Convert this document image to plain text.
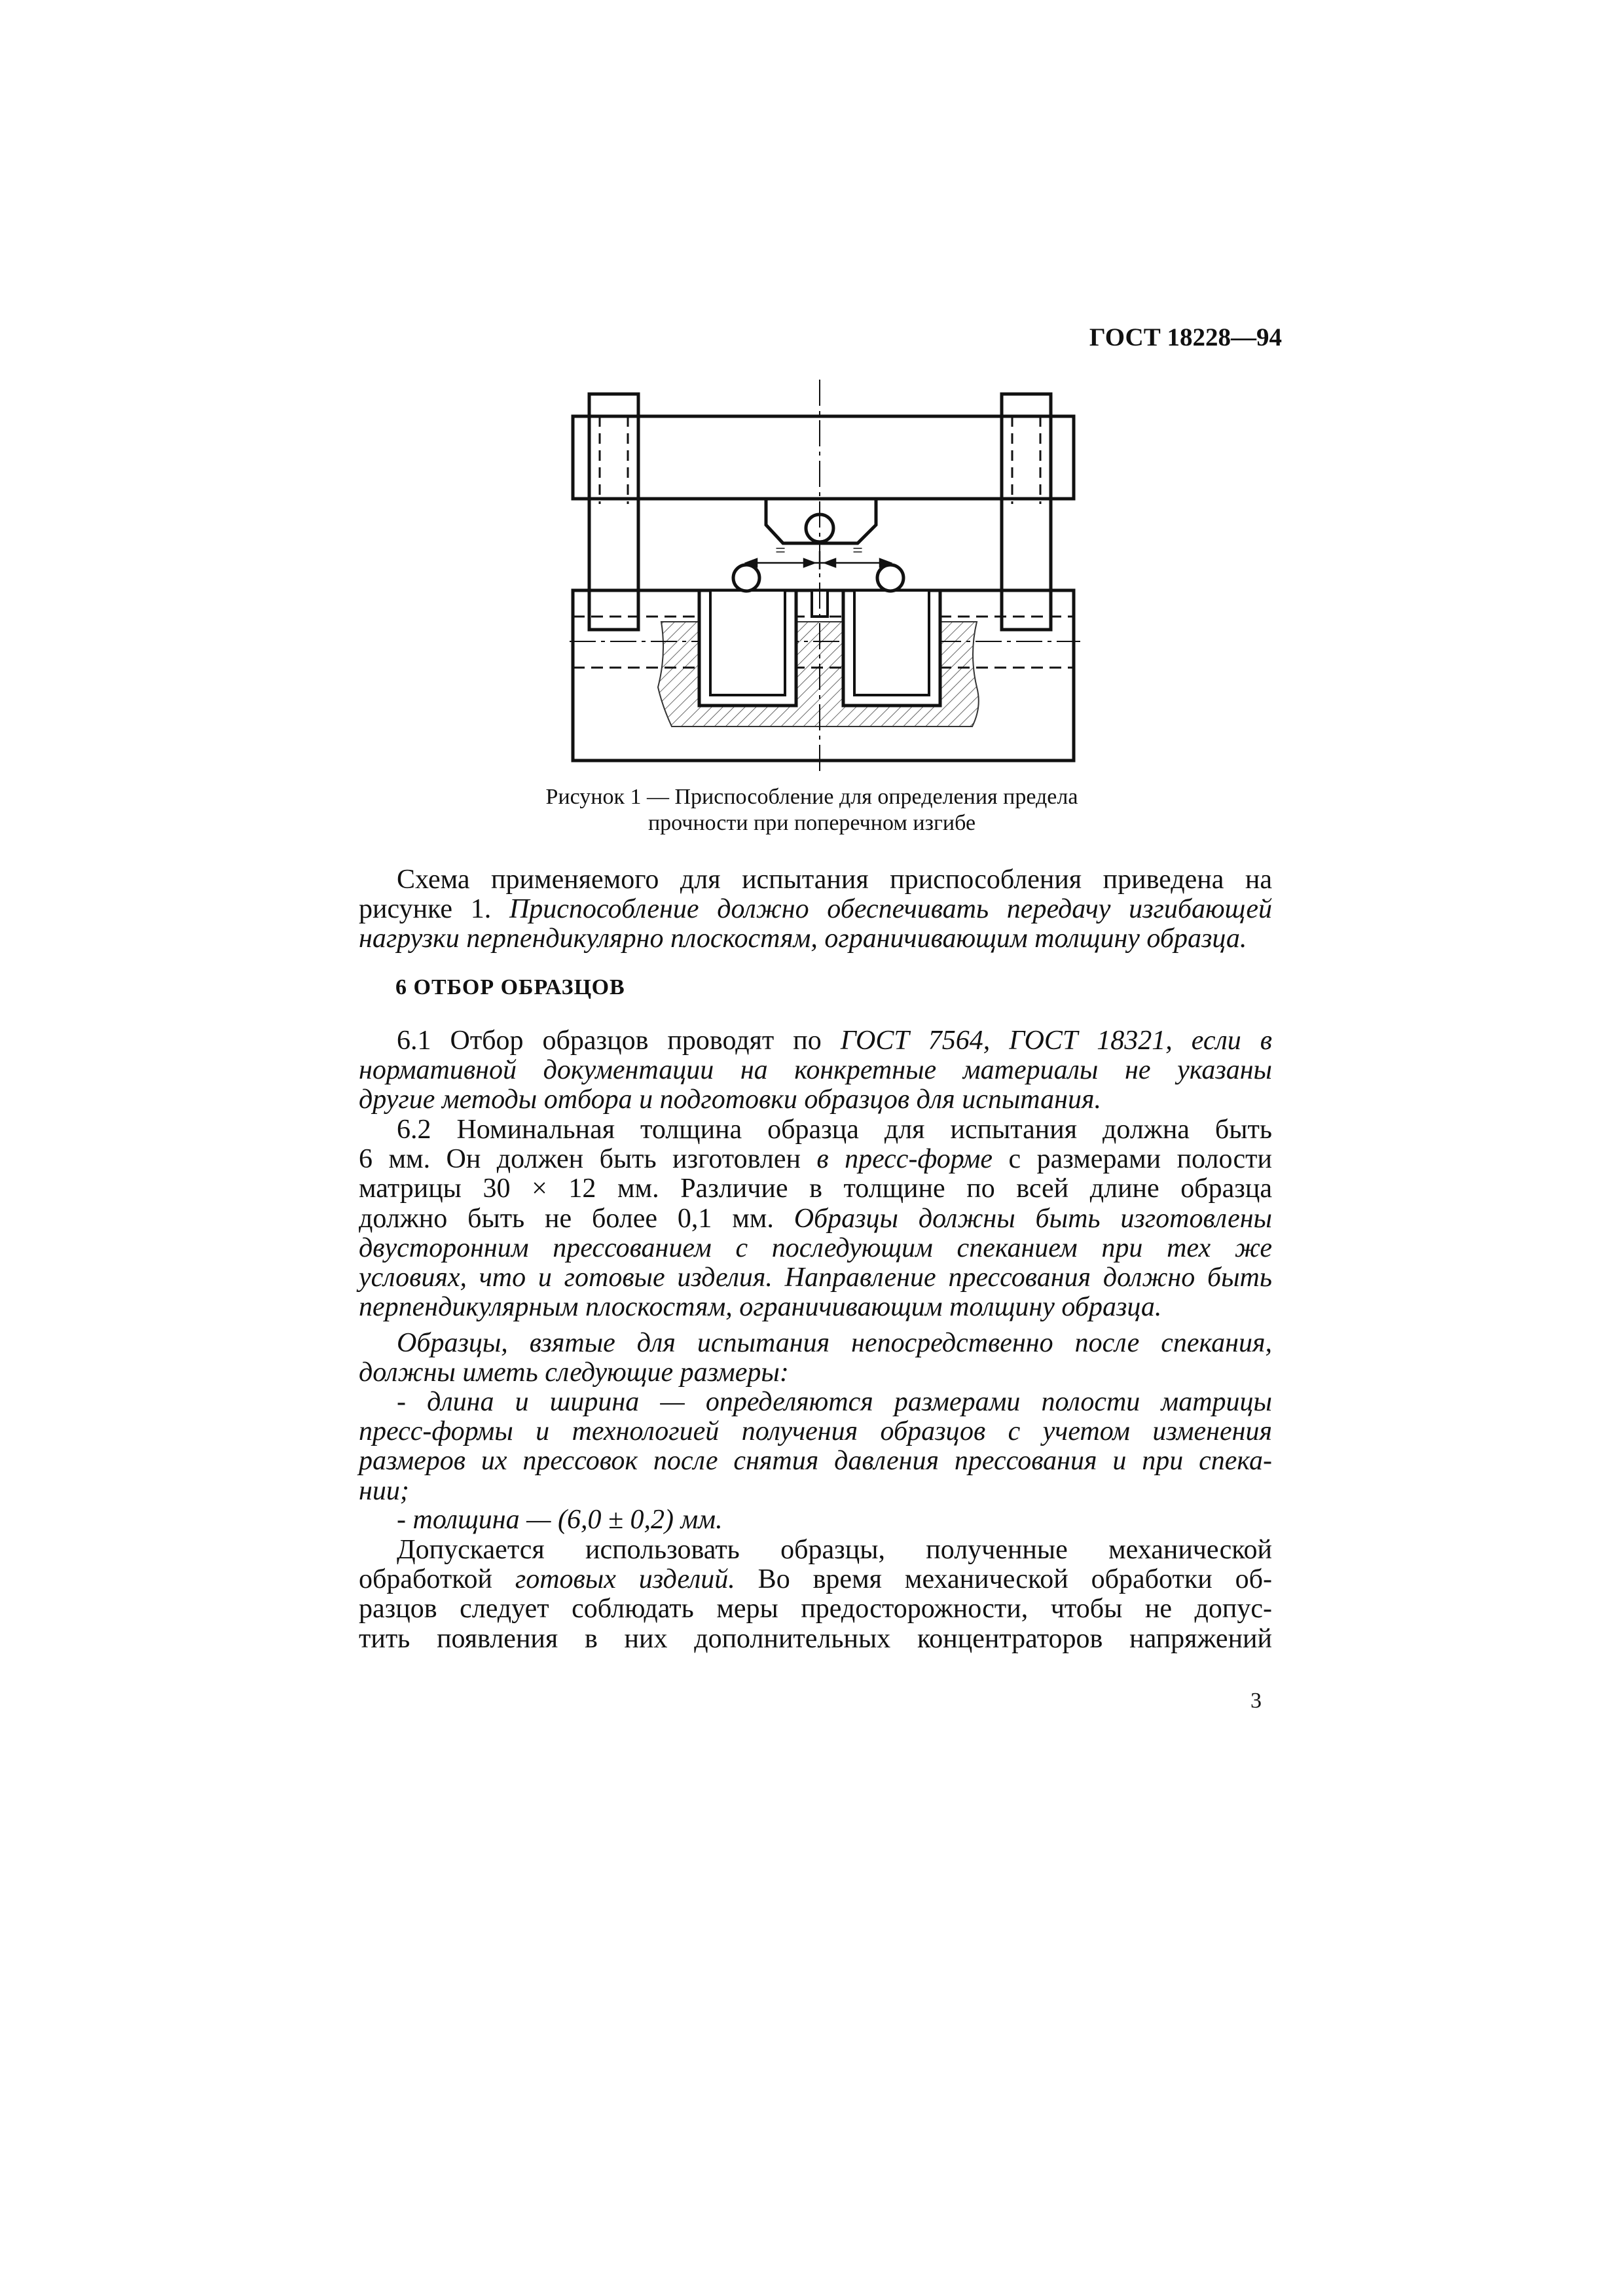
ГОСТ 18228—94
=	=
Рисунок 1 — Приспособление для определения предела
прочности при поперечном изгибе

Схема применяемого для испытания приспособления приведена на

рисунке 1. Приспособление должно обеспечивать передачу изгибающей

нагрузки перпендикулярно плоскостям, ограничивающим толщину образца.

6 ОТБОР ОБРАЗЦОВ

6.1 Отбор образцов проводят по ГОСТ 7564, ГОСТ 18321, если в

нормативной документации на конкретные материалы не указаны

другие методы отбора и подготовки образцов для испытания.

6.2 Номинальная толщина образца для испытания должна быть

6 мм. Он должен быть изготовлен в пресс-форме с размерами полости

матрицы 30 × 12 мм. Различие в толщине по всей длине образца

должно быть не более 0,1 мм. Образцы должны быть изготовлены

двусторонним прессованием с последующим спеканием при тех же

условиях, что и готовые изделия. Направление прессования должно быть

перпендикулярным плоскостям, ограничивающим толщину образца.

Образцы, взятые для испытания непосредственно после спекания,

должны иметь следующие размеры:

- длина и ширина — определяются размерами полости матрицы

пресс-формы и технологией получения образцов с учетом изменения

размеров их прессовок после снятия давления прессования и при спека-

нии;

- толщина — (6,0 ± 0,2) мм.

Допускается использовать образцы, полученные механической

обработкой готовых изделий. Во время механической обработки об-

разцов следует соблюдать меры предосторожности, чтобы не допус-

тить появления в них дополнительных концентраторов напряжений

3
